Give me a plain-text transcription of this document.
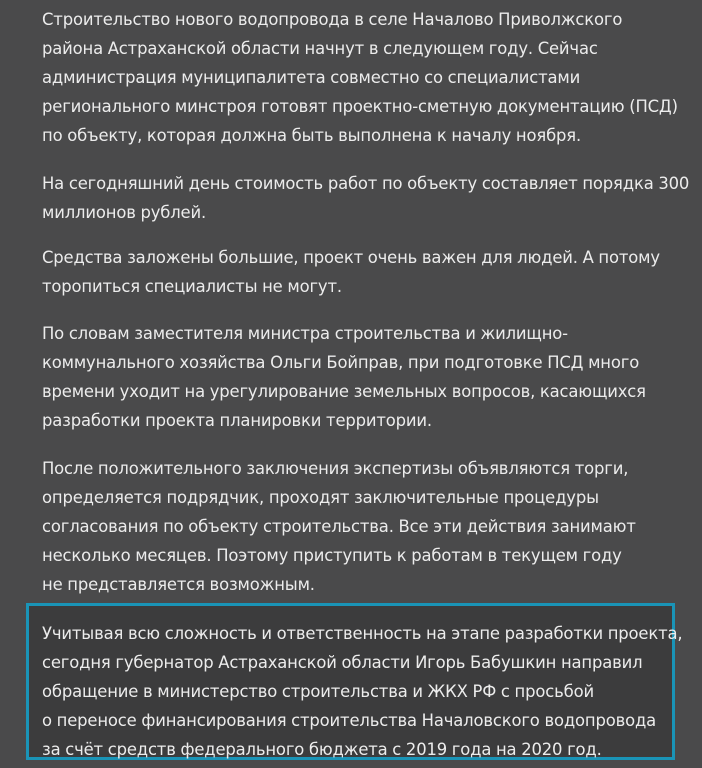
Строительство нового водопровода в селе Началово Приволжского
района Астраханской области начнут в следующем году. Сейчас
администрация муниципалитета совместно со специалистами
регионального минстроя готовят проектно-сметную документацию (ПСД)
по объекту, которая должна быть выполнена к началу ноября.

На сегодняшний день стоимость работ по объекту составляет порядка 300
миллионов рублей.

Средства заложены большие, проект очень важен для людей. А потому
торопиться специалисты не могут.

По словам заместителя министра строительства и жилищно-
коммунального хозяйства Ольги Бойправ, при подготовке ПСД много
времени уходит на урегулирование земельных вопросов, касающихся
разработки проекта планировки территории.

После положительного заключения экспертизы объявляются торги,
определяется подрядчик, проходят заключительные процедуры
согласования по объекту строительства. Все эти действия занимают
несколько месяцев. Поэтому приступить к работам в текущем году
не представляется возможным.

Учитывая всю сложность и ответственность на этапе разработки проекта,
сегодня губернатор Астраханской области Игорь Бабушкин направил
обращение в министерство строительства и ЖКХ РФ с просьбой
о переносе финансирования строительства Началовского водопровода
за счёт средств федерального бюджета с 2019 года на 2020 год.
